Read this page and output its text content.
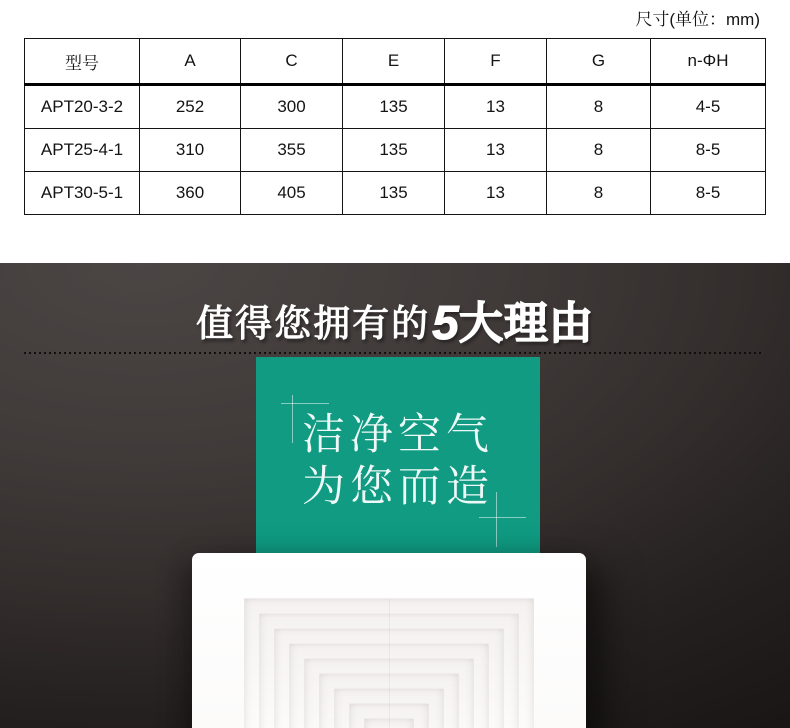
尺寸(单位：mm)
型号	A	C	E	F	G	n-ΦH
APT20-3-2	252	300	135	13	8	4-5
APT25-4-1	310	355	135	13	8	8-5
APT30-5-1	360	405	135	13	8	8-5
值得您拥有的5大理由
洁净空气
为您而造
